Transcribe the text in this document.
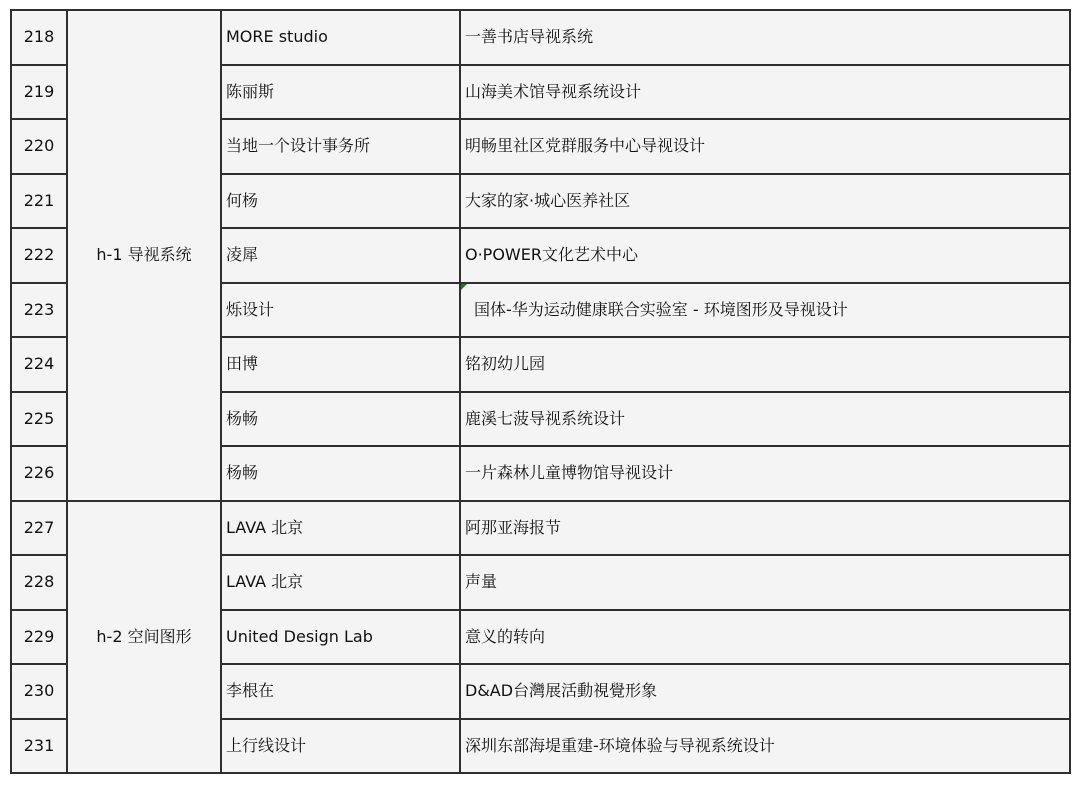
218	h-1 导视系统	MORE studio	一善书店导视系统
219		陈丽斯	山海美术馆导视系统设计
220		当地一个设计事务所	明畅里社区党群服务中心导视设计
221		何杨	大家的家·城心医养社区
222		凌犀	O·POWER文化艺术中心
223		烁设计	国体-华为运动健康联合实验室 - 环境图形及导视设计
224		田博	铭初幼儿园
225		杨畅	鹿溪七菠导视系统设计
226		杨畅	一片森林儿童博物馆导视设计
227	h-2 空间图形	LAVA 北京	阿那亚海报节
228		LAVA 北京	声量
229		United Design Lab	意义的转向
230		李根在	D&AD台灣展活動視覺形象
231		上行线设计	深圳东部海堤重建-环境体验与导视系统设计
